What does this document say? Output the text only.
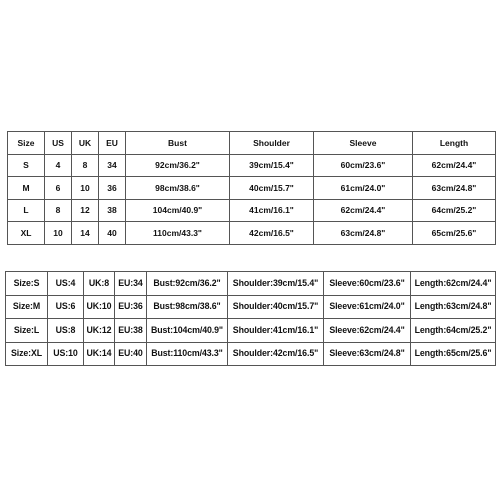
Size	US	UK	EU	Bust	Shoulder	Sleeve	Length
S	4	8	34	92cm/36.2"	39cm/15.4"	60cm/23.6"	62cm/24.4"
M	6	10	36	98cm/38.6"	40cm/15.7"	61cm/24.0"	63cm/24.8"
L	8	12	38	104cm/40.9"	41cm/16.1"	62cm/24.4"	64cm/25.2"
XL	10	14	40	110cm/43.3"	42cm/16.5"	63cm/24.8"	65cm/25.6"
Size:S	US:4	UK:8	EU:34	Bust:92cm/36.2"	Shoulder:39cm/15.4"	Sleeve:60cm/23.6"	Length:62cm/24.4"
Size:M	US:6	UK:10	EU:36	Bust:98cm/38.6"	Shoulder:40cm/15.7"	Sleeve:61cm/24.0"	Length:63cm/24.8"
Size:L	US:8	UK:12	EU:38	Bust:104cm/40.9"	Shoulder:41cm/16.1"	Sleeve:62cm/24.4"	Length:64cm/25.2"
Size:XL	US:10	UK:14	EU:40	Bust:110cm/43.3"	Shoulder:42cm/16.5"	Sleeve:63cm/24.8"	Length:65cm/25.6"
